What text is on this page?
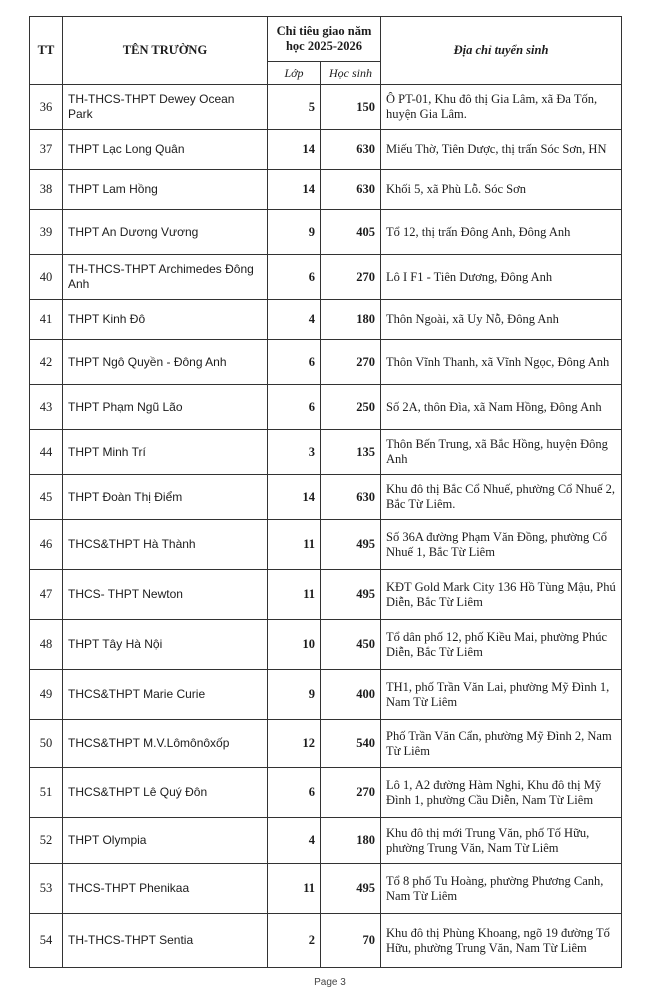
TT	TÊN TRƯỜNG	Chỉ tiêu giao năm học 2025-2026		Địa chỉ tuyển sinh
		Lớp	Học sinh	
36	TH-THCS-THPT Dewey Ocean Park	5	150	Ô PT-01, Khu đô thị Gia Lâm, xã Đa Tốn, huyện Gia Lâm.
37	THPT Lạc Long Quân	14	630	Miếu Thờ, Tiên Dược, thị trấn Sóc Sơn, HN
38	THPT Lam Hồng	14	630	Khối 5, xã Phù Lỗ. Sóc Sơn
39	THPT An Dương Vương	9	405	Tổ 12, thị trấn Đông Anh, Đông Anh
40	TH-THCS-THPT Archimedes Đông Anh	6	270	Lô I F1 - Tiên Dương, Đông Anh
41	THPT Kinh Đô	4	180	Thôn Ngoài, xã Uy Nỗ, Đông Anh
42	THPT Ngô Quyền - Đông Anh	6	270	Thôn Vĩnh Thanh, xã Vĩnh Ngọc, Đông Anh
43	THPT Phạm Ngũ Lão	6	250	Số 2A, thôn Đìa, xã Nam Hồng, Đông Anh
44	THPT Minh Trí	3	135	Thôn Bến Trung, xã Bắc Hồng, huyện Đông Anh
45	THPT Đoàn Thị Điểm	14	630	Khu đô thị Bắc Cổ Nhuế, phường Cổ Nhuế 2, Bắc Từ Liêm.
46	THCS&THPT Hà Thành	11	495	Số 36A đường Phạm Văn Đồng, phường Cổ Nhuế 1, Bắc Từ Liêm
47	THCS- THPT Newton	11	495	KĐT Gold Mark City 136 Hồ Tùng Mậu, Phú Diễn, Bắc Từ Liêm
48	THPT Tây Hà Nội	10	450	Tổ dân phố 12, phố Kiều Mai, phường Phúc Diễn, Bắc Từ Liêm
49	THCS&THPT Marie Curie	9	400	TH1, phố Trần Văn Lai, phường Mỹ Đình 1, Nam Từ Liêm
50	THCS&THPT M.V.Lômônôxốp	12	540	Phố Trần Văn Cẩn, phường Mỹ Đình 2, Nam Từ Liêm
51	THCS&THPT Lê Quý Đôn	6	270	Lô 1, A2 đường Hàm Nghi, Khu đô thị Mỹ Đình 1, phường Cầu Diễn, Nam Từ Liêm
52	THPT Olympia	4	180	Khu đô thị mới Trung Văn, phố Tố Hữu, phường Trung Văn, Nam Từ Liêm
53	THCS-THPT Phenikaa	11	495	Tổ 8 phố Tu Hoàng, phường Phương Canh, Nam Từ Liêm
54	TH-THCS-THPT Sentia	2	70	Khu đô thị Phùng Khoang, ngõ 19 đường Tố Hữu, phường Trung Văn, Nam Từ Liêm
Page 3
